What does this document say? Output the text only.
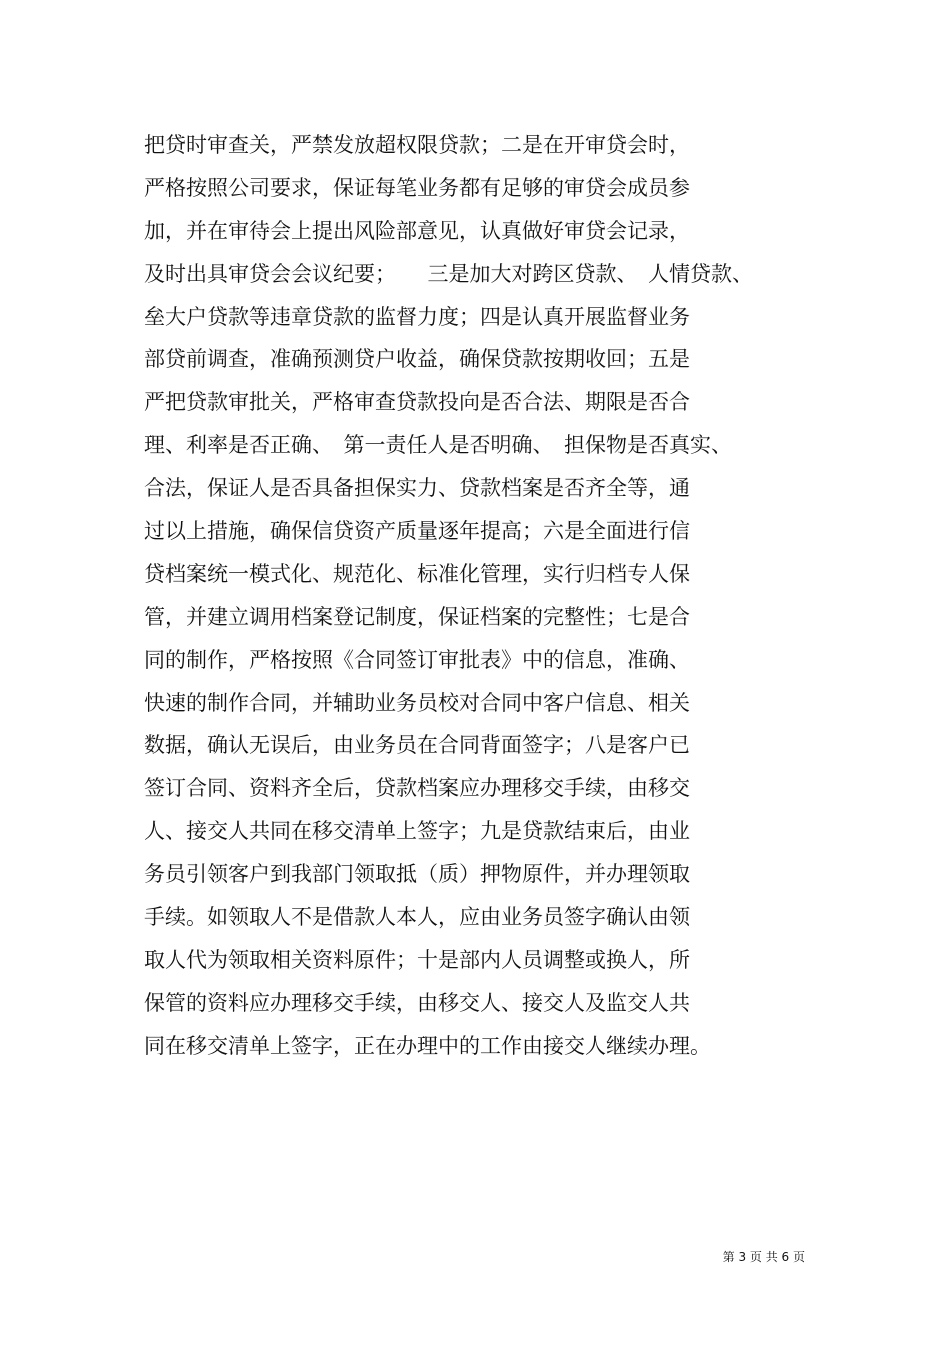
把贷时审查关，严禁发放超权限贷款；二是在开审贷会时，
严格按照公司要求，保证每笔业务都有足够的审贷会成员参
加，并在审待会上提出风险部意见，认真做好审贷会记录，
及时出具审贷会会议纪要；　　三是加大对跨区贷款、　人情贷款、
垒大户贷款等违章贷款的监督力度；四是认真开展监督业务
部贷前调查，准确预测贷户收益，确保贷款按期收回；五是
严把贷款审批关，严格审查贷款投向是否合法、期限是否合
理、利率是否正确、　第一责任人是否明确、　担保物是否真实、
合法，保证人是否具备担保实力、贷款档案是否齐全等，通
过以上措施，确保信贷资产质量逐年提高；六是全面进行信
贷档案统一模式化、规范化、标准化管理，实行归档专人保
管，并建立调用档案登记制度，保证档案的完整性；七是合
同的制作，严格按照《合同签订审批表》中的信息，准确、
快速的制作合同，并辅助业务员校对合同中客户信息、相关
数据，确认无误后，由业务员在合同背面签字；八是客户已
签订合同、资料齐全后，贷款档案应办理移交手续，由移交
人、接交人共同在移交清单上签字；九是贷款结束后，由业
务员引领客户到我部门领取抵（质）押物原件，并办理领取
手续。如领取人不是借款人本人，应由业务员签字确认由领
取人代为领取相关资料原件；十是部内人员调整或换人，所
保管的资料应办理移交手续，由移交人、接交人及监交人共
同在移交清单上签字，正在办理中的工作由接交人继续办理。
第 3 页 共 6 页
